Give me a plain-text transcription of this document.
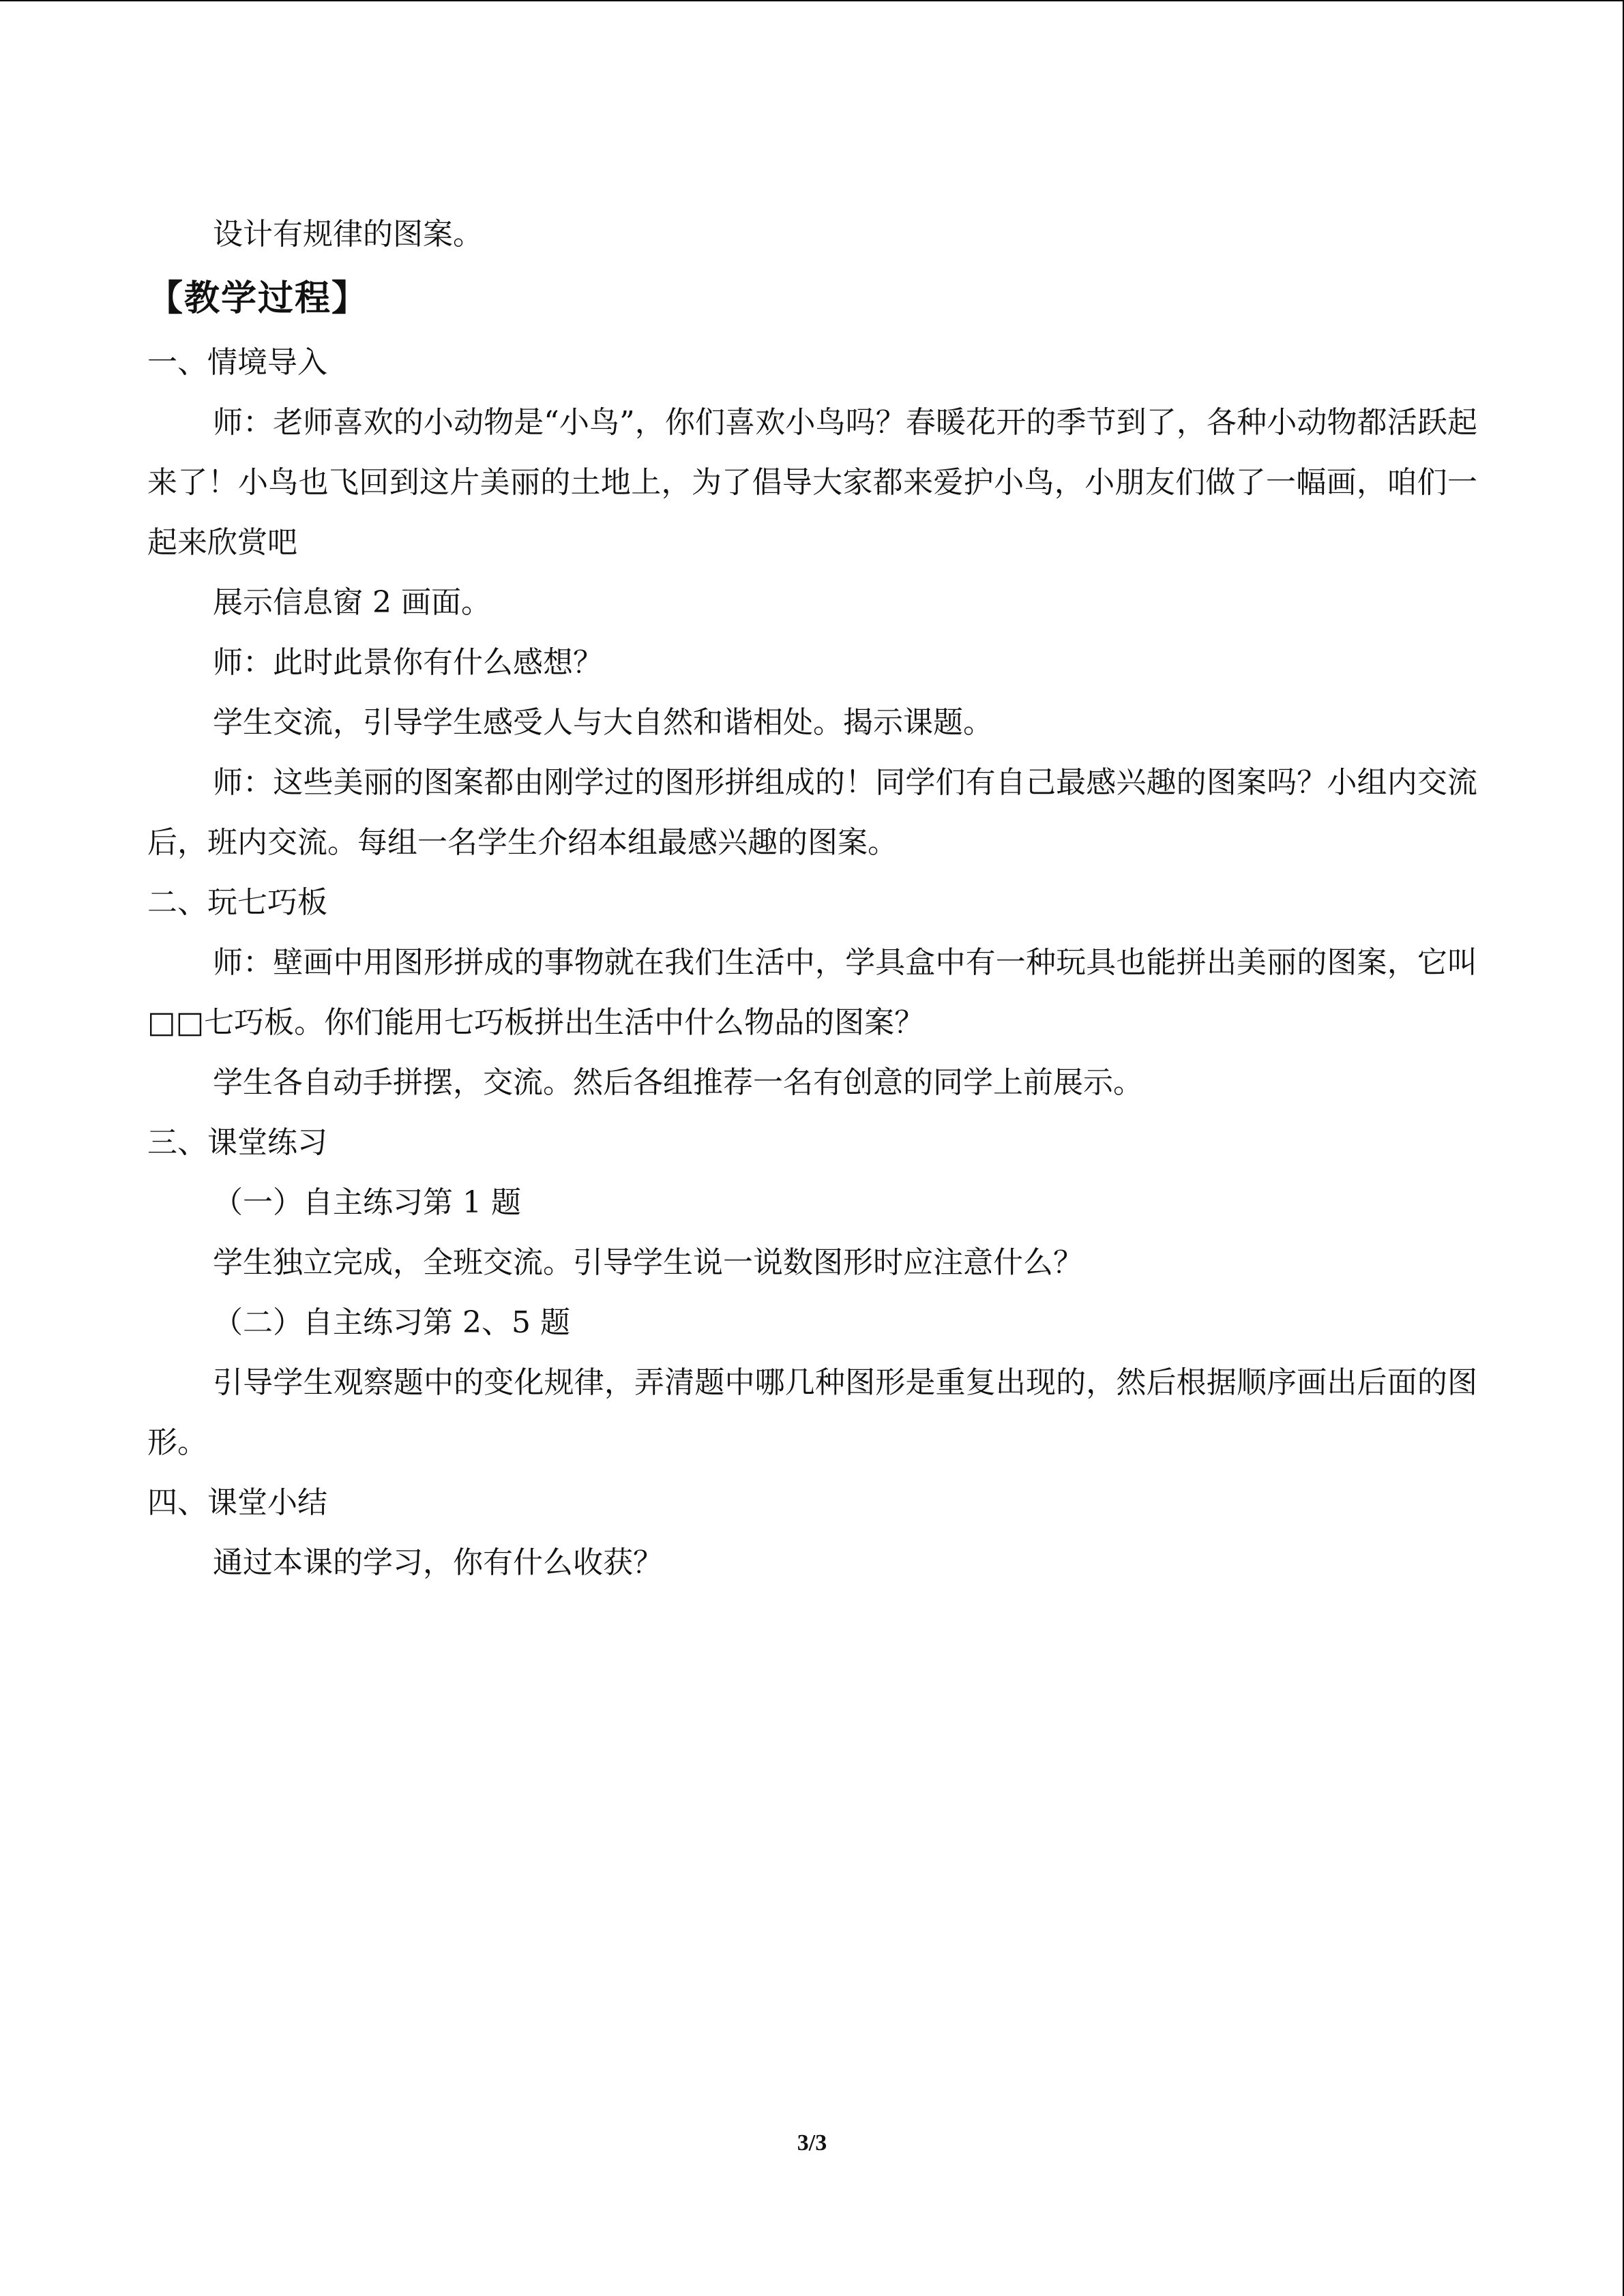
设计有规律的图案。

【教学过程】

一、情境导入

师：老师喜欢的小动物是“小鸟”，你们喜欢小鸟吗？春暖花开的季节到了，各种小动物都活跃起来了！小鸟也飞回到这片美丽的土地上，为了倡导大家都来爱护小鸟，小朋友们做了一幅画，咱们一起来欣赏吧

展示信息窗 2 画面。

师：此时此景你有什么感想？

学生交流，引导学生感受人与大自然和谐相处。揭示课题。

师：这些美丽的图案都由刚学过的图形拼组成的！同学们有自己最感兴趣的图案吗？小组内交流后，班内交流。每组一名学生介绍本组最感兴趣的图案。

二、玩七巧板

师：壁画中用图形拼成的事物就在我们生活中，学具盒中有一种玩具也能拼出美丽的图案，它叫□□七巧板。你们能用七巧板拼出生活中什么物品的图案？

学生各自动手拼摆，交流。然后各组推荐一名有创意的同学上前展示。

三、课堂练习

（一）自主练习第 1 题

学生独立完成，全班交流。引导学生说一说数图形时应注意什么？

（二）自主练习第 2、5 题

引导学生观察题中的变化规律，弄清题中哪几种图形是重复出现的，然后根据顺序画出后面的图形。

四、课堂小结

通过本课的学习，你有什么收获？

3/3
